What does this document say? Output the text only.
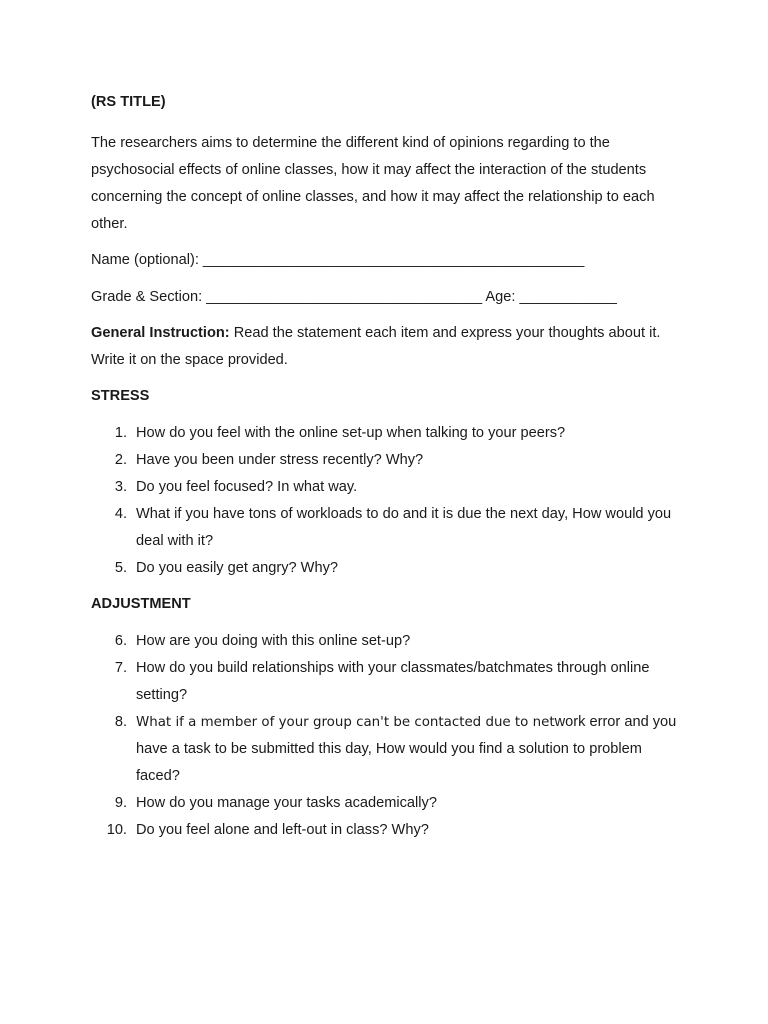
(RS TITLE)

The researchers aims to determine the different kind of opinions regarding to the psychosocial effects of online classes, how it may affect the interaction of the students concerning the concept of online classes, and how it may affect the relationship to each other.

Name (optional): _______________________________________________

Grade & Section: __________________________________ Age: ____________

General Instruction: Read the statement each item and express your thoughts about it. Write it on the space provided.

STRESS

1. How do you feel with the online set-up when talking to your peers?
2. Have you been under stress recently? Why?
3. Do you feel focused? In what way.
4. What if you have tons of workloads to do and it is due the next day, How would you deal with it?
5. Do you easily get angry? Why?

ADJUSTMENT

6. How are you doing with this online set-up?
7. How do you build relationships with your classmates/batchmates through online setting?
8. What if a member of your group can't be contacted due to network error and you have a task to be submitted this day, How would you find a solution to problem faced?
9. How do you manage your tasks academically?
10. Do you feel alone and left-out in class? Why?
